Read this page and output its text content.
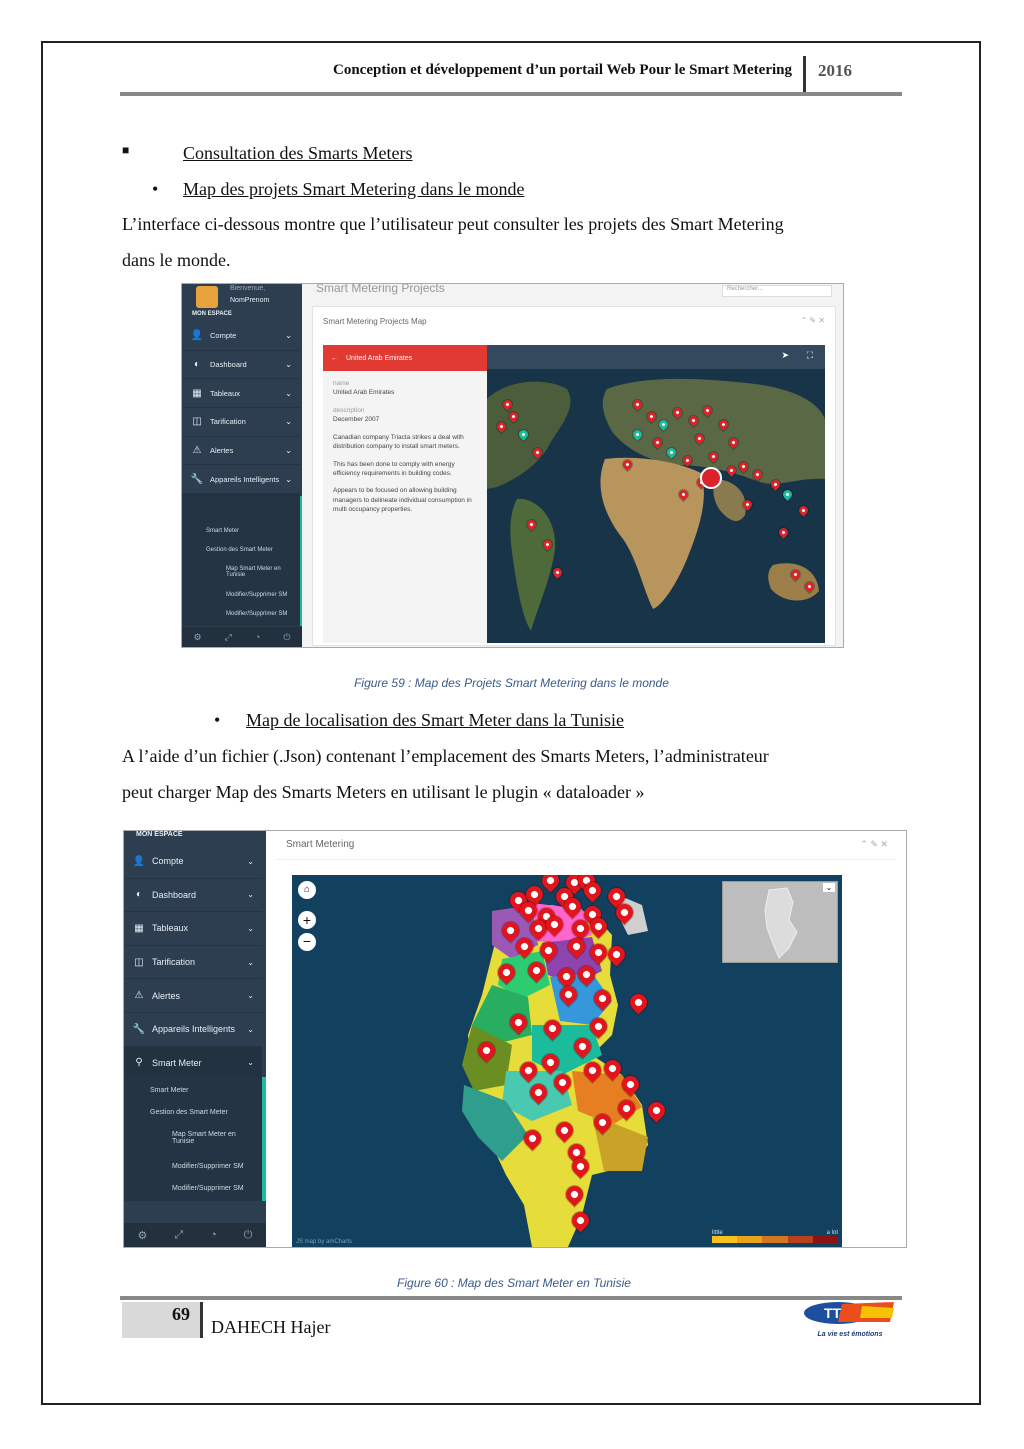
Conception et développement d’un portail Web Pour le Smart Metering 2016
■	Consultation des Smarts Meters
• Map des projets Smart Metering dans le monde
L’interface ci-dessous montre que l’utilisateur peut consulter les projets des Smart Metering
dans le monde.
Bienvenue,
NomPrenom
MON ESPACE
👤 Compte	⌄
◐	Dashboard	⌄
▦	Tableaux	⌄
◫	Tarification	⌄
⚠	Alertes	⌄
🔧 Appareils Intelligents ⌄
Smart Meter
Gestion des Smart Meter
Map Smart Meter en Tunisie
Modifier/Supprimer SM
Modifier/Supprimer SM
⚙	⤢	◔	⏻
Smart Metering Projects	Rechercher...
Smart Metering Projects Map	⌃ ✎ ✕
← United Arab Emirates
name
United Arab Emirates
description
December 2007
Canadian company Triacta strikes a deal with distribution company to install smart meters.
This has been done to comply with energy efficiency requirements in building codes.
Appears to be focused on allowing building managers to delineate individual consumption in multi occupancy properties.
➤ ⛶
Figure 59 : Map des Projets Smart Metering dans le monde
• Map de localisation des Smart Meter dans la Tunisie
A l’aide d’un fichier (.Json) contenant l’emplacement des Smarts Meters, l’administrateur
peut charger Map des Smarts Meters en utilisant le plugin « dataloader »
MON ESPACE
👤 Compte	⌄
◐	Dashboard	⌄
▦ Tableaux	⌄
◫ Tarification	⌄
⚠ Alertes	⌄
🔧 Appareils Intelligents ⌄
⚲	Smart Meter	⌄
Smart Meter
Gestion des Smart Meter
Map Smart Meter en Tunisie
Modifier/Supprimer SM
Modifier/Supprimer SM
⚙ ⤢ ◔ ⏻
Smart Metering	⌃ ✎ ✕
⌂
+
−
⌄
little	a lot
JS map by amCharts
Figure 60 : Map des Smart Meter en Tunisie
69
DAHECH Hajer
TT
La vie est émotions
